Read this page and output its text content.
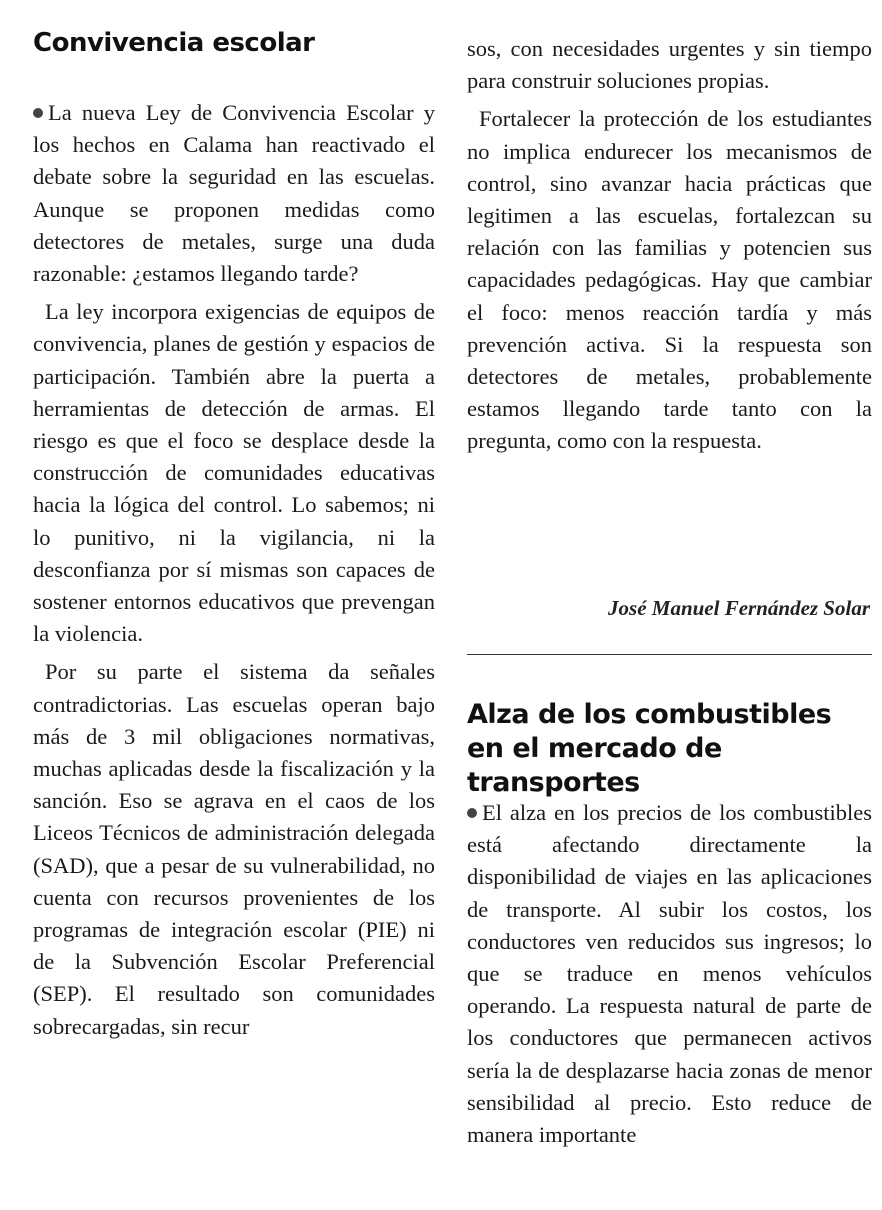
Convivencia escolar

La nueva Ley de Convivencia Escolar y los hechos en Calama han reactivado el debate sobre la seguridad en las escuelas. Aunque se proponen medidas como detectores de metales, surge una duda razonable: ¿estamos llegando tarde?

La ley incorpora exigencias de equipos de convivencia, planes de gestión y espacios de participación. También abre la puerta a herramientas de detección de armas. El riesgo es que el foco se desplace desde la construcción de comunidades educativas hacia la lógica del control. Lo sabemos; ni lo punitivo, ni la vigilancia, ni la desconfianza por sí mismas son capaces de sostener entornos educativos que prevengan la violencia.

Por su parte el sistema da señales contradictorias. Las escuelas operan bajo más de 3 mil obligaciones normativas, muchas aplicadas desde la fiscalización y la sanción. Eso se agrava en el caos de los Liceos Técnicos de administración delegada (SAD), que a pesar de su vulnerabilidad, no cuenta con recursos provenientes de los programas de integración escolar (PIE) ni de la Subvención Escolar Preferencial (SEP). El resultado son comunidades sobrecargadas, sin recur

sos, con necesidades urgentes y sin tiempo para construir soluciones propias.

Fortalecer la protección de los estudiantes no implica endurecer los mecanismos de control, sino avanzar hacia prácticas que legitimen a las escuelas, fortalezcan su relación con las familias y potencien sus capacidades pedagógicas. Hay que cambiar el foco: menos reacción tardía y más prevención activa. Si la respuesta son detectores de metales, probablemente estamos llegando tarde tanto con la pregunta, como con la respuesta.

José Manuel Fernández Solar
Alza de los combustibles en el mercado de transportes

El alza en los precios de los combustibles está afectando directamente la disponibilidad de viajes en las aplicaciones de transporte. Al subir los costos, los conductores ven reducidos sus ingresos; lo que se traduce en menos vehículos operando. La respuesta natural de parte de los conductores que permanecen activos sería la de desplazarse hacia zonas de menor sensibilidad al precio. Esto reduce de manera importante
